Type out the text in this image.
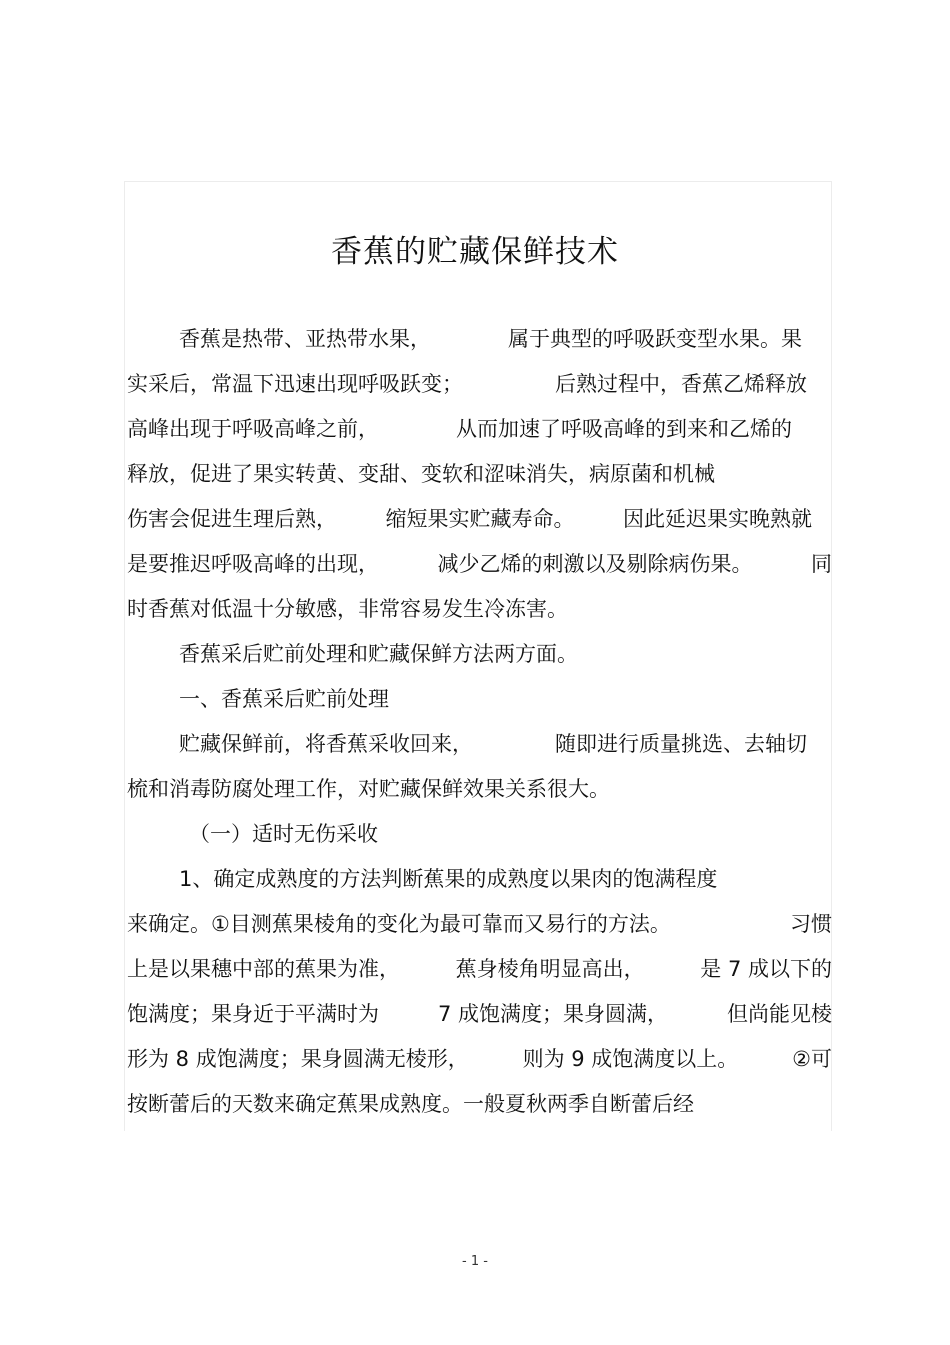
香蕉的贮藏保鲜技术

香蕉是热带、亚热带水果，	属于典型的呼吸跃变型水果。果

实采后，常温下迅速出现呼吸跃变；	后熟过程中，香蕉乙烯释放

高峰出现于呼吸高峰之前，	从而加速了呼吸高峰的到来和乙烯的

释放，促进了果实转黄、变甜、变软和涩味消失，病原菌和机械

伤害会促进生理后熟， 缩短果实贮藏寿命。 因此延迟果实晚熟就

是要推迟呼吸高峰的出现，	减少乙烯的刺激以及剔除病伤果。	同

时香蕉对低温十分敏感，非常容易发生冷冻害。

香蕉采后贮前处理和贮藏保鲜方法两方面。

一、香蕉采后贮前处理

贮藏保鲜前，将香蕉采收回来，	随即进行质量挑选、去轴切

梳和消毒防腐处理工作，对贮藏保鲜效果关系很大。

（一）适时无伤采收

1、确定成熟度的方法判断蕉果的成熟度以果肉的饱满程度

来确定。①目测蕉果棱角的变化为最可靠而又易行的方法。	习惯

上是以果穗中部的蕉果为准，	蕉身棱角明显高出，	是 7 成以下的

饱满度；果身近于平满时为	7 成饱满度；果身圆满，	但尚能见棱

形为 8 成饱满度；果身圆满无棱形，	则为 9 成饱满度以上。	②可

按断蕾后的天数来确定蕉果成熟度。一般夏秋两季自断蕾后经

- 1 -
